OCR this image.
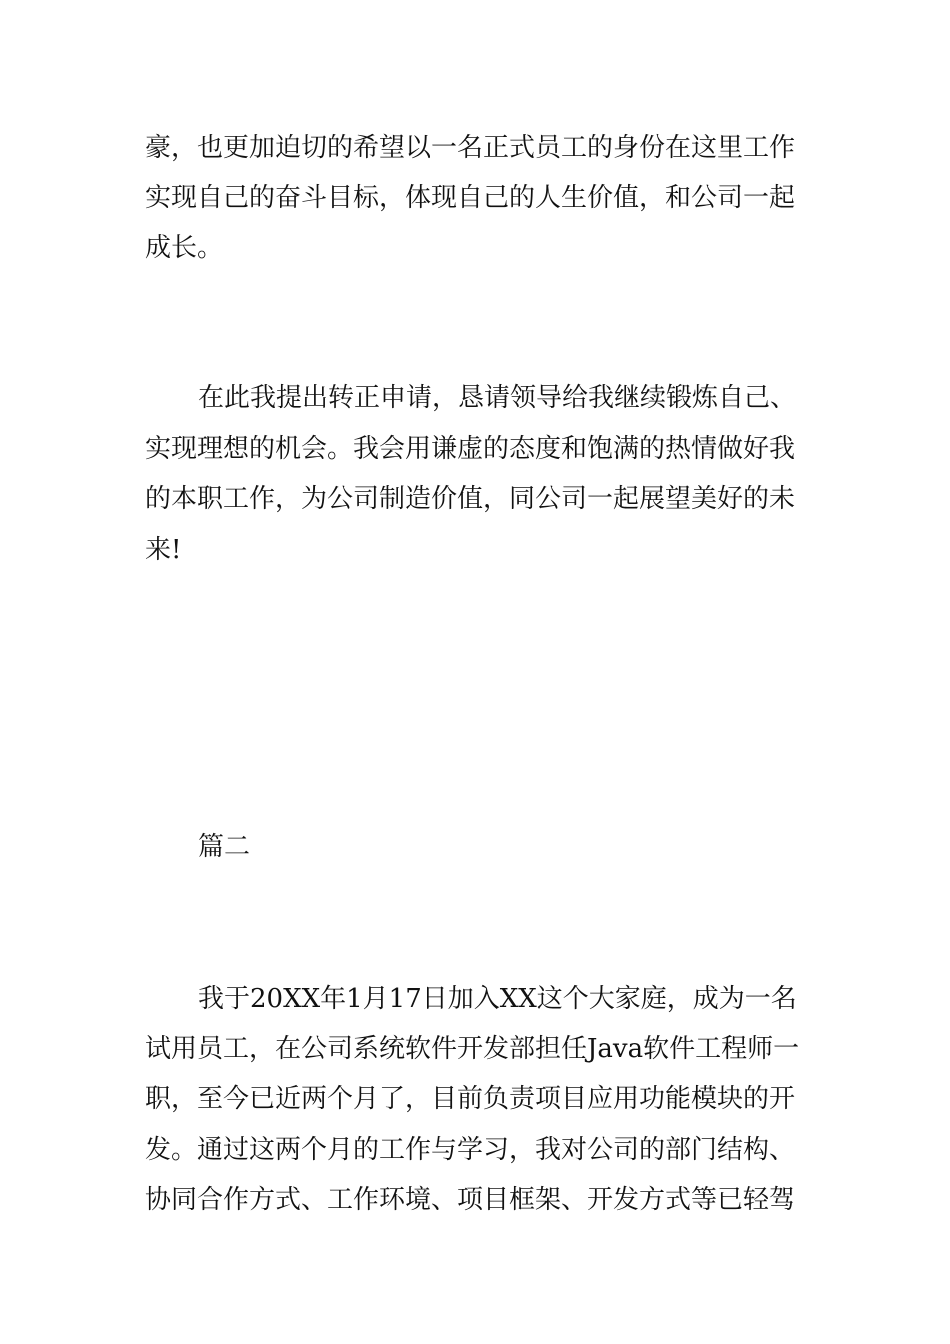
豪，也更加迫切的希望以一名正式员工的身份在这里工作
实现自己的奋斗目标，体现自己的人生价值，和公司一起
成长。
在此我提出转正申请，恳请领导给我继续锻炼自己、
实现理想的机会。我会用谦虚的态度和饱满的热情做好我
的本职工作，为公司制造价值，同公司一起展望美好的未
来!
篇二
我于20XX年1月17日加入XX这个大家庭，成为一名
试用员工，在公司系统软件开发部担任Java软件工程师一
职，至今已近两个月了，目前负责项目应用功能模块的开
发。通过这两个月的工作与学习，我对公司的部门结构、
协同合作方式、工作环境、项目框架、开发方式等已轻驾
